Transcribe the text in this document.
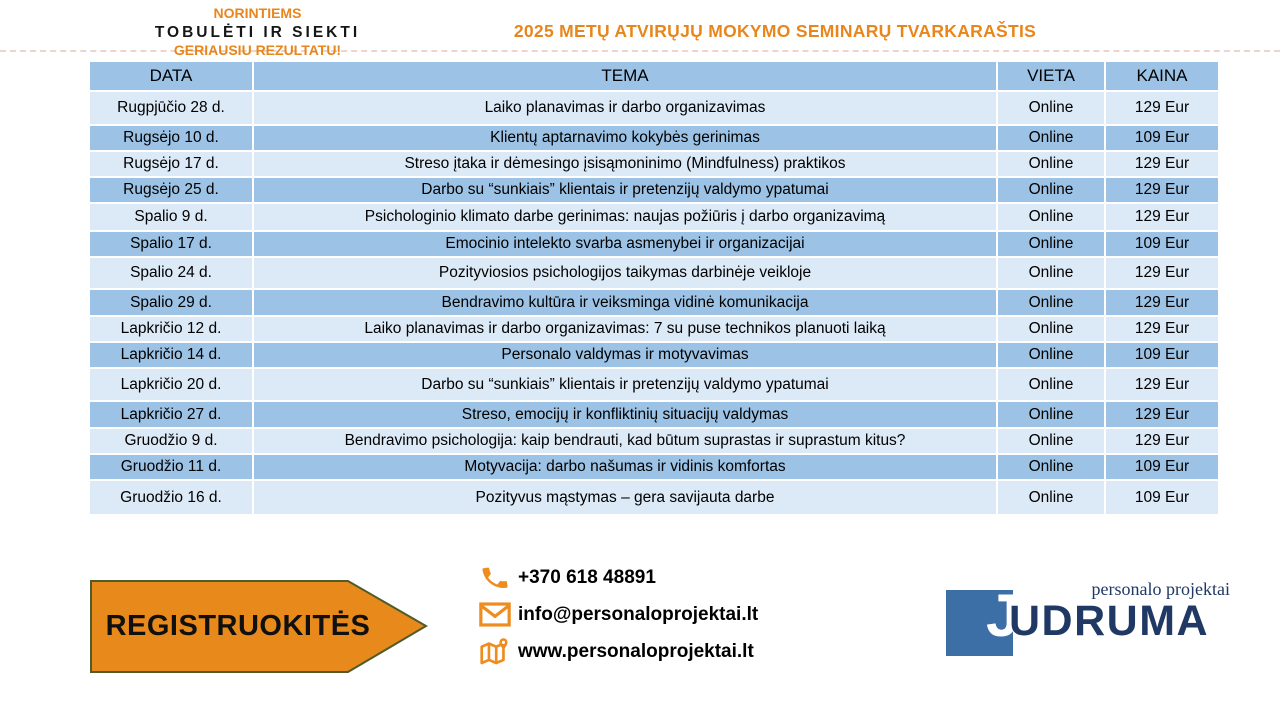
NORINTIEMS
TOBULĖTI IR SIEKTI
GERIAUSIU REZULTATU!
2025 METŲ ATVIRŲJŲ MOKYMO SEMINARŲ TVARKARAŠTIS
DATA	TEMA	VIETA	KAINA
Rugpjūčio 28 d.	Laiko planavimas ir darbo organizavimas	Online	129 Eur
Rugsėjo 10 d.	Klientų aptarnavimo kokybės gerinimas	Online	109 Eur
Rugsėjo 17 d.	Streso įtaka ir dėmesingo įsisąmoninimo (Mindfulness) praktikos	Online	129 Eur
Rugsėjo 25 d.	Darbo su “sunkiais” klientais ir pretenzijų valdymo ypatumai	Online	129 Eur
Spalio 9 d.	Psichologinio klimato darbe gerinimas: naujas požiūris į darbo organizavimą	Online	129 Eur
Spalio 17 d.	Emocinio intelekto svarba asmenybei ir organizacijai	Online	109 Eur
Spalio 24 d.	Pozityviosios psichologijos taikymas darbinėje veikloje	Online	129 Eur
Spalio 29 d.	Bendravimo kultūra ir veiksminga vidinė komunikacija	Online	129 Eur
Lapkričio 12 d.	Laiko planavimas ir darbo organizavimas: 7 su puse technikos planuoti laiką	Online	129 Eur
Lapkričio 14 d.	Personalo valdymas ir motyvavimas	Online	109 Eur
Lapkričio 20 d.	Darbo su “sunkiais” klientais ir pretenzijų valdymo ypatumai	Online	129 Eur
Lapkričio 27 d.	Streso, emocijų ir konfliktinių situacijų valdymas	Online	129 Eur
Gruodžio 9 d.	Bendravimo psichologija: kaip bendrauti, kad būtum suprastas ir suprastum kitus?	Online	129 Eur
Gruodžio 11 d.	Motyvacija: darbo našumas ir vidinis komfortas	Online	109 Eur
Gruodžio 16 d.	Pozityvus mąstymas – gera savijauta darbe	Online	109 Eur
REGISTRUOKITĖS
+370 618 48891
info@personaloprojektai.lt
www.personaloprojektai.lt
personalo projektai
J
UDRUMA
